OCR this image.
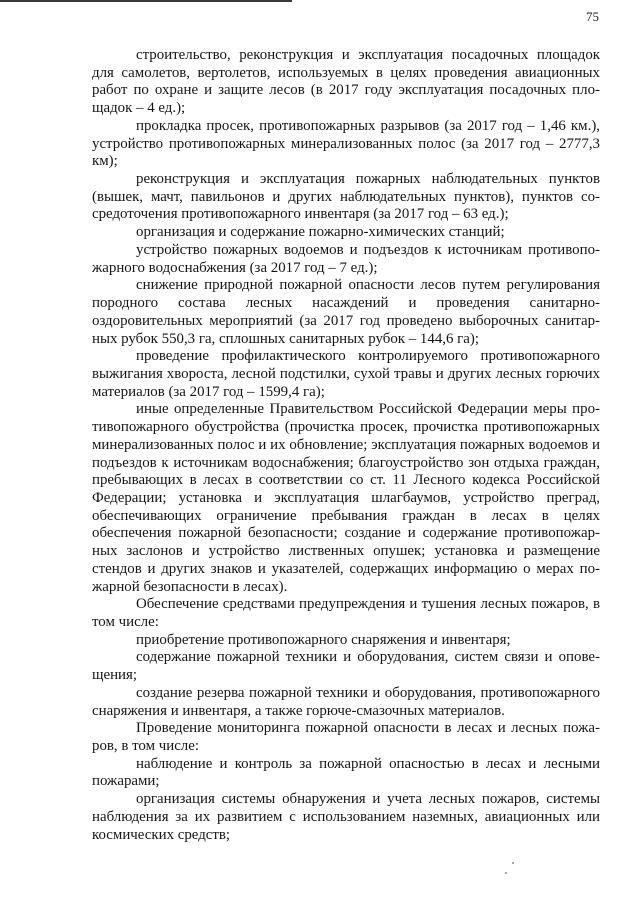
75

строительство, реконструкция и эксплуатация посадочных площадок для самолетов, вертолетов, используемых в целях проведения авиационных работ по охране и защите лесов (в 2017 году эксплуатация посадочных площадок – 4 ед.);

прокладка просек, противопожарных разрывов (за 2017 год – 1,46 км.), устройство противопожарных минерализованных полос (за 2017 год – 2777,3 км);

реконструкция и эксплуатация пожарных наблюдательных пунктов (вышек, мачт, павильонов и других наблюдательных пунктов), пунктов сосредоточения противопожарного инвентаря (за 2017 год – 63 ед.);

организация и содержание пожарно-химических станций;

устройство пожарных водоемов и подъездов к источникам противопожарного водоснабжения (за 2017 год – 7 ед.);

снижение природной пожарной опасности лесов путем регулирования породного состава лесных насаждений и проведения санитарно-оздоровительных мероприятий (за 2017 год проведено выборочных санитарных рубок 550,3 га, сплошных санитарных рубок – 144,6 га);

проведение профилактического контролируемого противопожарного выжигания хвороста, лесной подстилки, сухой травы и других лесных горючих материалов (за 2017 год – 1599,4 га);

иные определенные Правительством Российской Федерации меры противопожарного обустройства (прочистка просек, прочистка противопожарных минерализованных полос и их обновление; эксплуатация пожарных водоемов и подъездов к источникам водоснабжения; благоустройство зон отдыха граждан, пребывающих в лесах в соответствии со ст. 11 Лесного кодекса Российской Федерации; установка и эксплуатация шлагбаумов, устройство преград, обеспечивающих ограничение пребывания граждан в лесах в целях обеспечения пожарной безопасности; создание и содержание противопожарных заслонов и устройство лиственных опушек; установка и размещение стендов и других знаков и указателей, содержащих информацию о мерах пожарной безопасности в лесах).

Обеспечение средствами предупреждения и тушения лесных пожаров, в том числе:

приобретение противопожарного снаряжения и инвентаря;

содержание пожарной техники и оборудования, систем связи и оповещения;

создание резерва пожарной техники и оборудования, противопожарного снаряжения и инвентаря, а также горюче-смазочных материалов.

Проведение мониторинга пожарной опасности в лесах и лесных пожаров, в том числе:

наблюдение и контроль за пожарной опасностью в лесах и лесными пожарами;

организация системы обнаружения и учета лесных пожаров, системы наблюдения за их развитием с использованием наземных, авиационных или космических средств;
